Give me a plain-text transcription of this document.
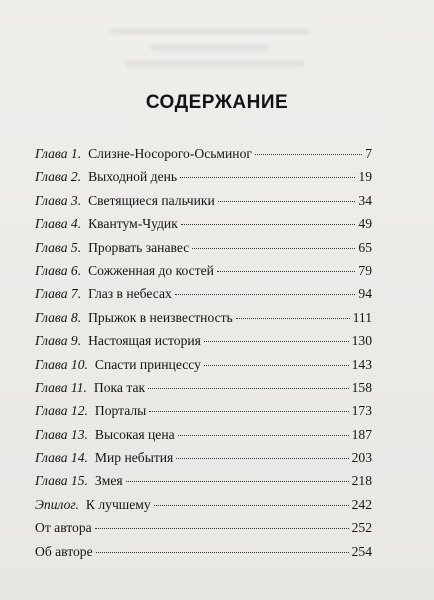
СОДЕРЖАНИЕ
Глава 1. Слизне-Носорого-Осьминог	7
Глава 2. Выходной день	19
Глава 3. Светящиеся пальчики	34
Глава 4. Квантум-Чудик	49
Глава 5. Прорвать занавес	65
Глава 6. Сожженная до костей	79
Глава 7. Глаз в небесах	94
Глава 8. Прыжок в неизвестность	111
Глава 9. Настоящая история	130
Глава 10. Спасти принцессу	143
Глава 11. Пока так	158
Глава 12. Порталы	173
Глава 13. Высокая цена	187
Глава 14. Мир небытия	203
Глава 15. Змея	218
Эпилог. К лучшему	242
От автора	252
Об авторе	254
